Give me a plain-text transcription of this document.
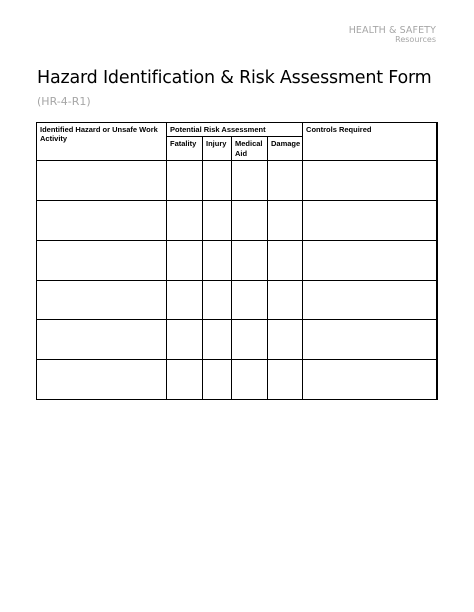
HEALTH & SAFETY
Resources
Hazard Identification & Risk Assessment Form
(HR-4-R1)
Identified Hazard or Unsafe Work Activity	Potential Risk Assessment				Controls Required
	Fatality	Injury	Medical Aid	Damage	
